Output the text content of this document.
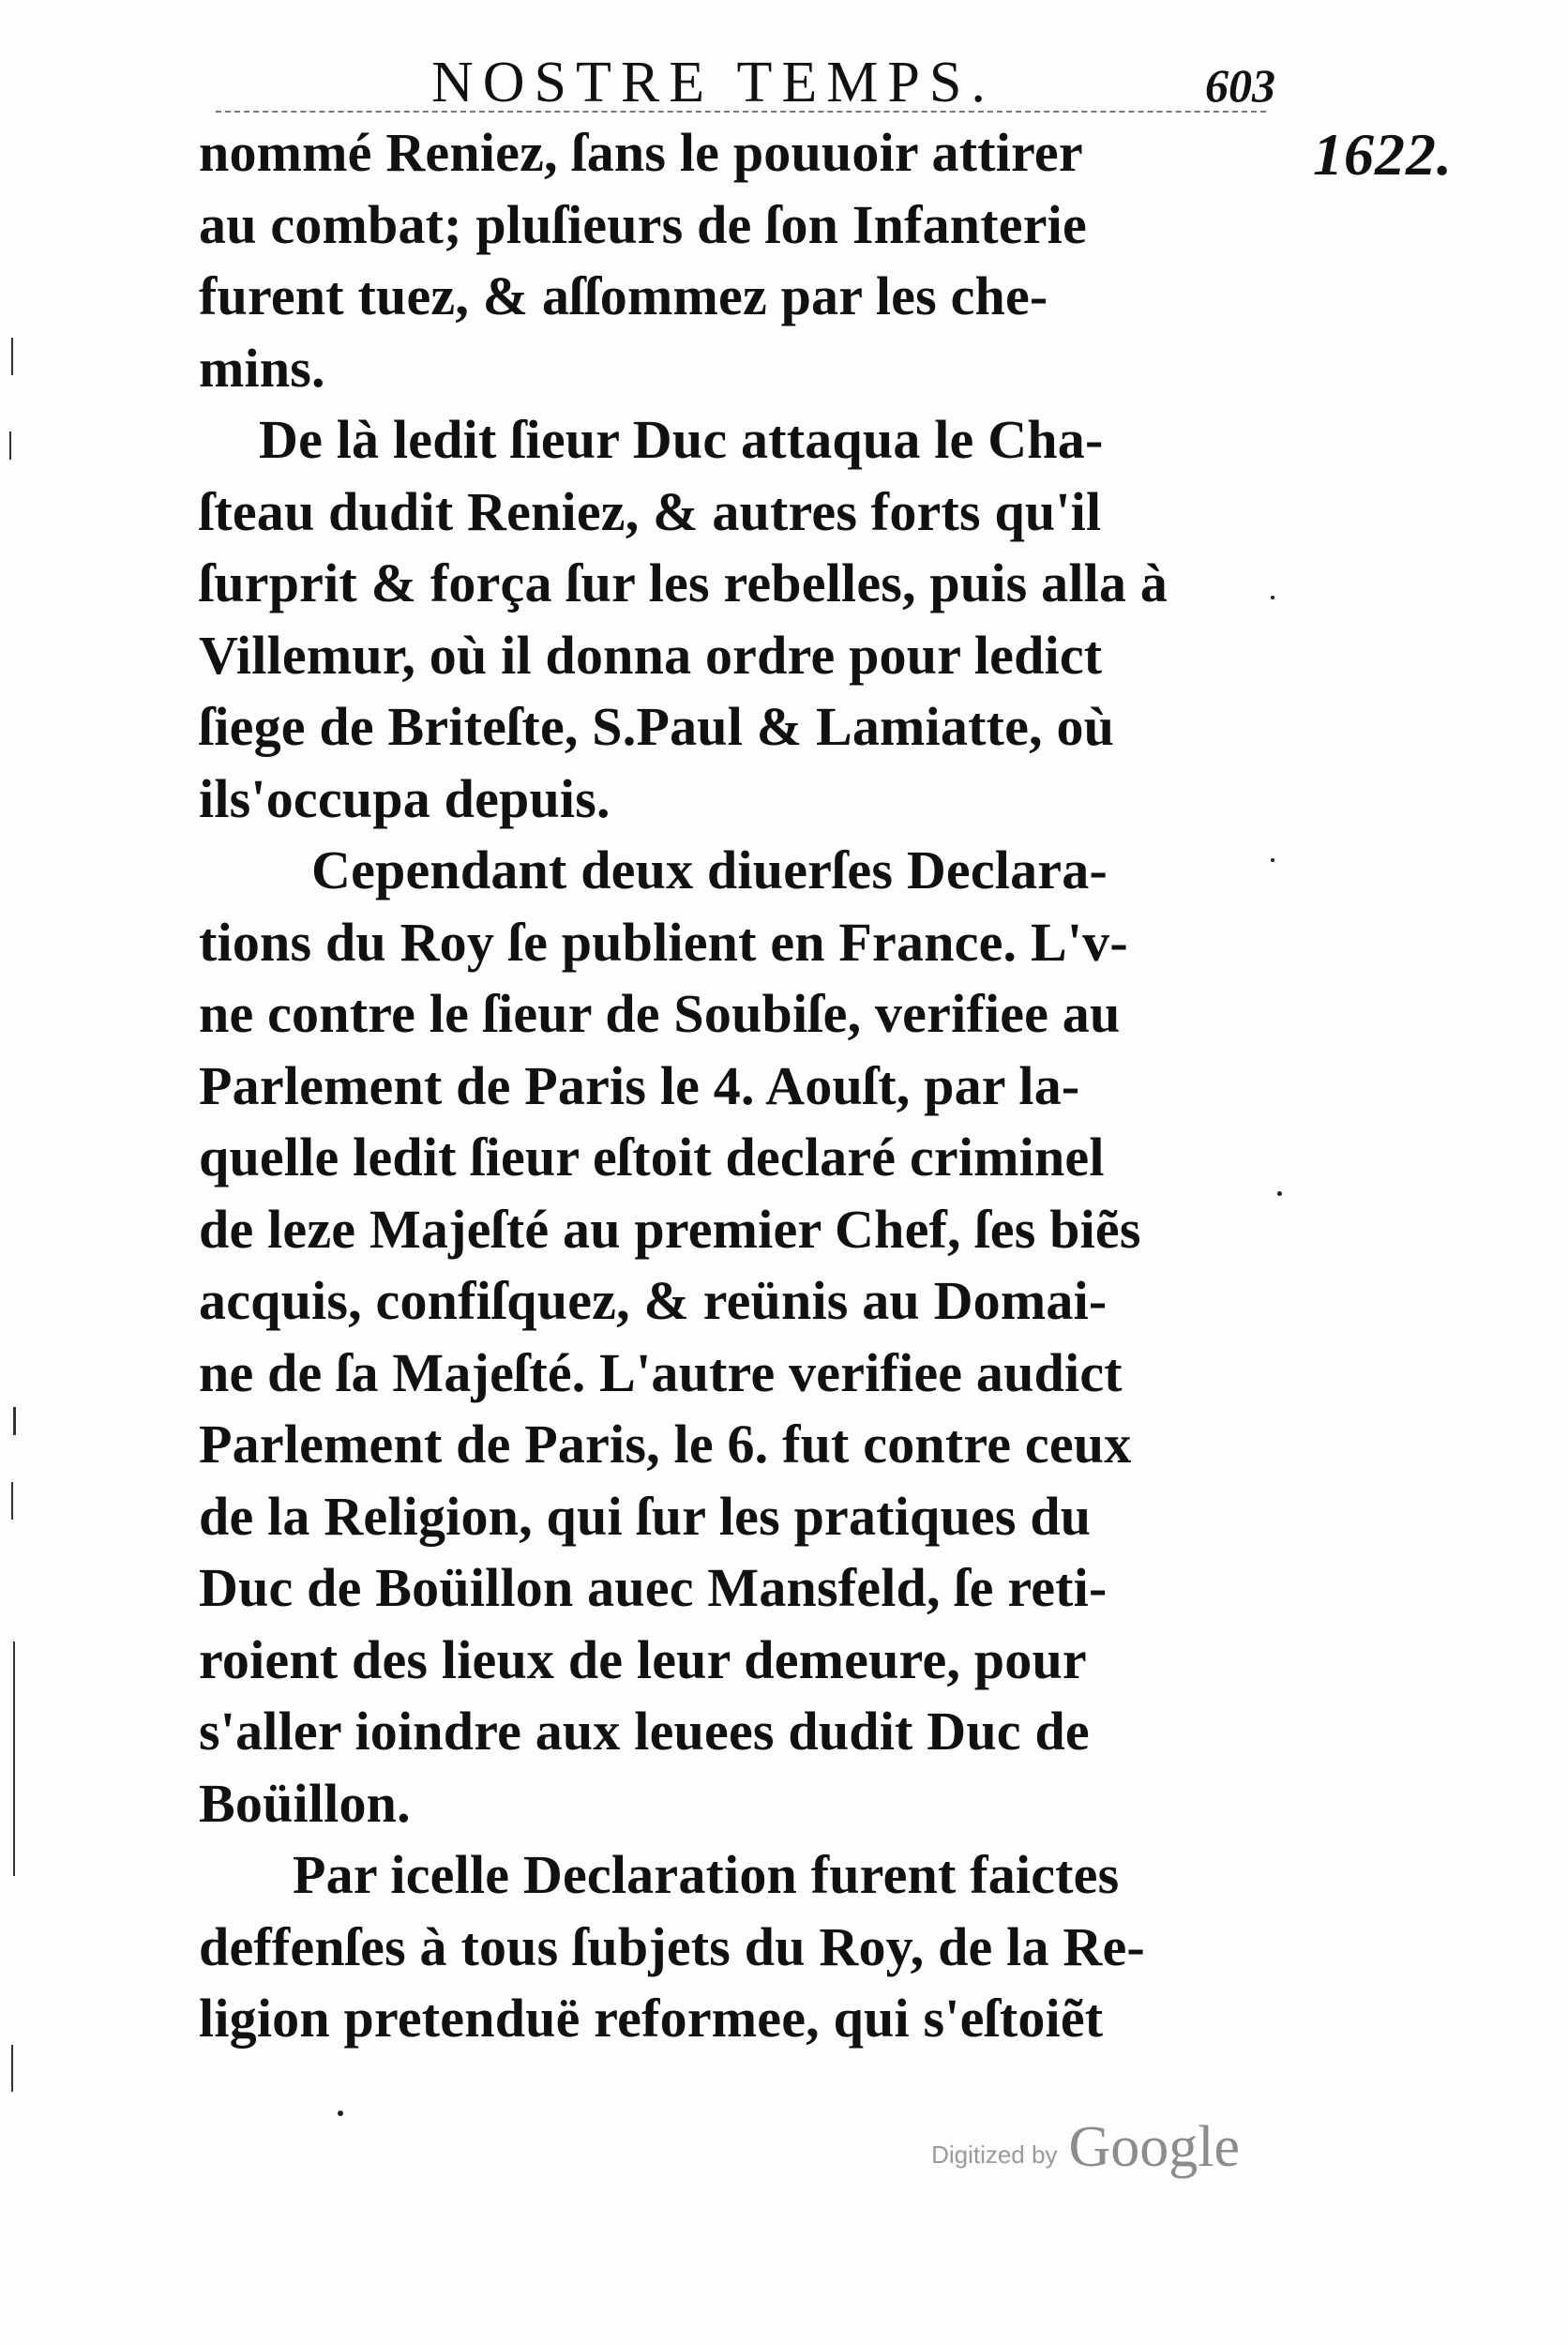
NOSTRE TEMPS.	603
1622.
nommé Reniez, ſans le pouuoir attirer
au combat; pluſieurs de ſon Infanterie
furent tuez, & aſſommez par les che-
mins.
De là ledit ſieur Duc attaqua le Cha-
ſteau dudit Reniez, & autres forts qu'il
ſurprit & força ſur les rebelles, puis alla à
Villemur, où il donna ordre pour ledict
ſiege de Briteſte, S.Paul & Lamiatte, où
ils'occupa depuis.
Cependant deux diuerſes Declara-
tions du Roy ſe publient en France. L'v-
ne contre le ſieur de Soubiſe, verifiee au
Parlement de Paris le 4. Aouſt, par la-
quelle ledit ſieur eſtoit declaré criminel
de leze Majeſté au premier Chef, ſes biẽs
acquis, confiſquez, & reünis au Domai-
ne de ſa Majeſté. L'autre verifiee audict
Parlement de Paris, le 6. fut contre ceux
de la Religion, qui ſur les pratiques du
Duc de Boüillon auec Mansfeld, ſe reti-
roient des lieux de leur demeure, pour
s'aller ioindre aux leuees dudit Duc de
Boüillon.
Par icelle Declaration furent faictes
deffenſes à tous ſubjets du Roy, de la Re-
ligion pretenduë reformee, qui s'eſtoiẽt
Digitized by Google
